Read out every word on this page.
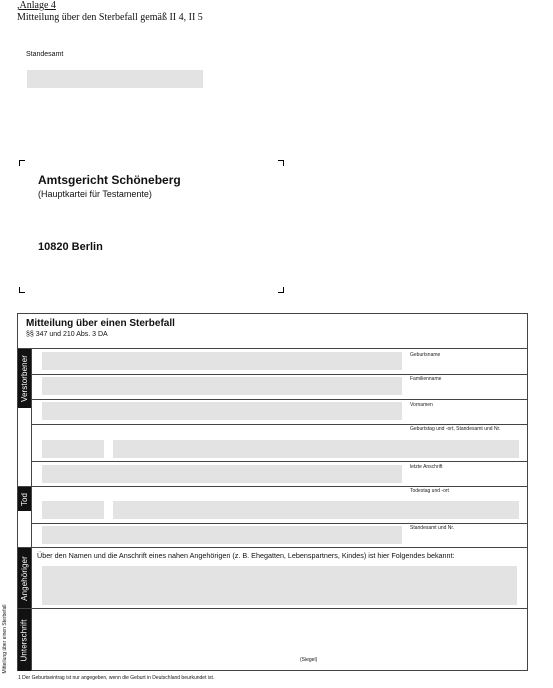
,Anlage 4
Mitteilung über den Sterbefall gemäß II 4, II 5
Standesamt
Amtsgericht Schöneberg
(Hauptkartei für Testamente)
10820 Berlin
Mitteilung über einen Sterbefall
§§ 347 und 210 Abs. 3 DA
Verstorbener
Tod
Angehöriger
Unterschrift
Geburtsname
Familienname
Vornamen
Geburtstag und -ort, Standesamt und Nr.
letzte Anschrift
Todestag und -ort
Standesamt und Nr.
Über den Namen und die Anschrift eines nahen Angehörigen (z. B. Ehegatten, Lebenspartners, Kindes) ist hier Folgendes bekannt:
(Siegel)
Mitteilung über einen Sterbefall
1 Der Geburtseintrag ist nur angegeben, wenn die Geburt in Deutschland beurkundet ist.
